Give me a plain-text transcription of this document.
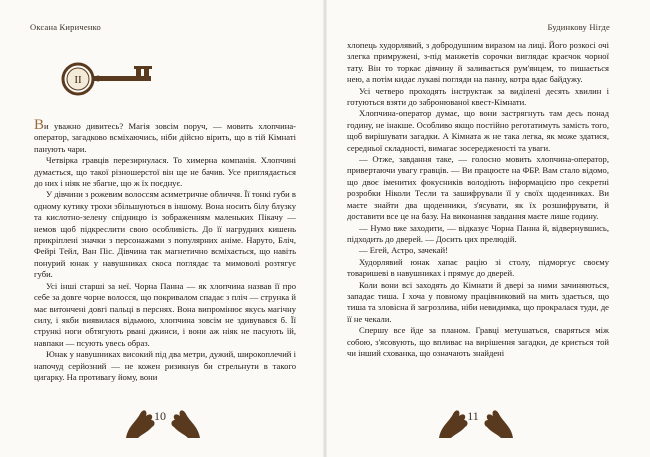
Оксана Кириченко
II

Ви уважно дивитесь? Магія зовсім поруч, — мовить хлопчина-оператор, загадково всміхаючись, ніби дійсно вірить, що в тій Кімнаті панують чари.

Четвірка гравців перезирнулася. То химерна компанія. Хлопчині думається, що такої різношерстої він ще не бачив. Усе приглядається до них і ніяк не збагне, що ж їх поєднує.

У дівчини з рожевим волоссям асиметричне обличчя. Її тонкі губи в одному кутику трохи збільшуються в іншому. Вона носить білу блузку та кислотно-зелену спідницю із зображенням маленьких Пікачу — немов щоб підкреслити свою особливість. До її нагрудних кишень прикріплені значки з персонажами з популярних аніме. Наруто, Бліч, Фейрі Тейл, Ван Піс. Дівчина так магнетично всміхається, що навіть понурий юнак у навушниках скоса поглядає та мимоволі розтягує губи.

Усі інші старші за неї. Чорна Панна — як хлопчина назвав її про себе за довге чорне волосся, що покривалом спадає з пліч — струнка й має витончені довгі пальці в перснях. Вона випромінює якусь магічну силу, і якби виявилася відьмою, хлопчина зовсім не здивувався б. Її стрункі ноги обтягують рвані джинси, і вони аж ніяк не пасують їй, навпаки — псують увесь образ.

Юнак у навушниках високий під два метри, дужий, широкоплечий і напочуд серйозний — не кожен ризикнув би стрельнути в такого цигарку. На противагу йому, вони

10
Будинкову Нігде

хлопець худорлявий, з добродушним виразом на лиці. Його розкосі очі злегка примружені, з-під манжетів сорочки виглядає краєчок чорної тату. Він то торкає дівчину й заливається рум'янцем, то пишається нею, а потім кидає лукаві погляди на панну, котра вдає байдужу.

Усі четверо проходять інструктаж за виділені десять хвилин і готуються взяти до забронюваної квест-Кімнати.

Хлопчина-оператор думає, що вони застрягнуть там десь понад годину, не інакше. Особливо якщо постійно реготатимуть замість того, щоб вирішувати загадки. А Кімната ж не така легка, як може здатися, середньої складності, вимагає зосередженості та уваги.

— Отже, завдання таке, — голосно мовить хлопчина-оператор, привертаючи увагу гравців. — Ви працюєте на ФБР. Вам стало відомо, що двоє іменитих фокусників володіють інформацією про секретні розробки Ніколи Тесли та зашифрували її у своїх щоденниках. Ви маєте знайти два щоденники, з'ясувати, як їх розшифрувати, й доставити все це на базу. На виконання завдання маєте лише годину.

— Нумо вже заходити, — відказує Чорна Панна й, відвернувшись, підходить до дверей. — Досить цих прелюдій.

— Егей, Астро, зачекай!

Худорлявий юнак хапає рацію зі столу, підморгує своєму товаришеві в навушниках і прямує до дверей.

Коли вони всі заходять до Кімнати й двері за ними зачиняються, западає тиша. І хоча у повному працівниковий на мить здається, що тиша та зловісна й загрозлива, ніби невидимка, що прокралася туди, де її не чекали.

Спершу все йде за планом. Гравці метушаться, сваряться між собою, з'ясовують, що впливає на вирішення загадки, де криється той чи інший схованка, що означають знайдені

11
